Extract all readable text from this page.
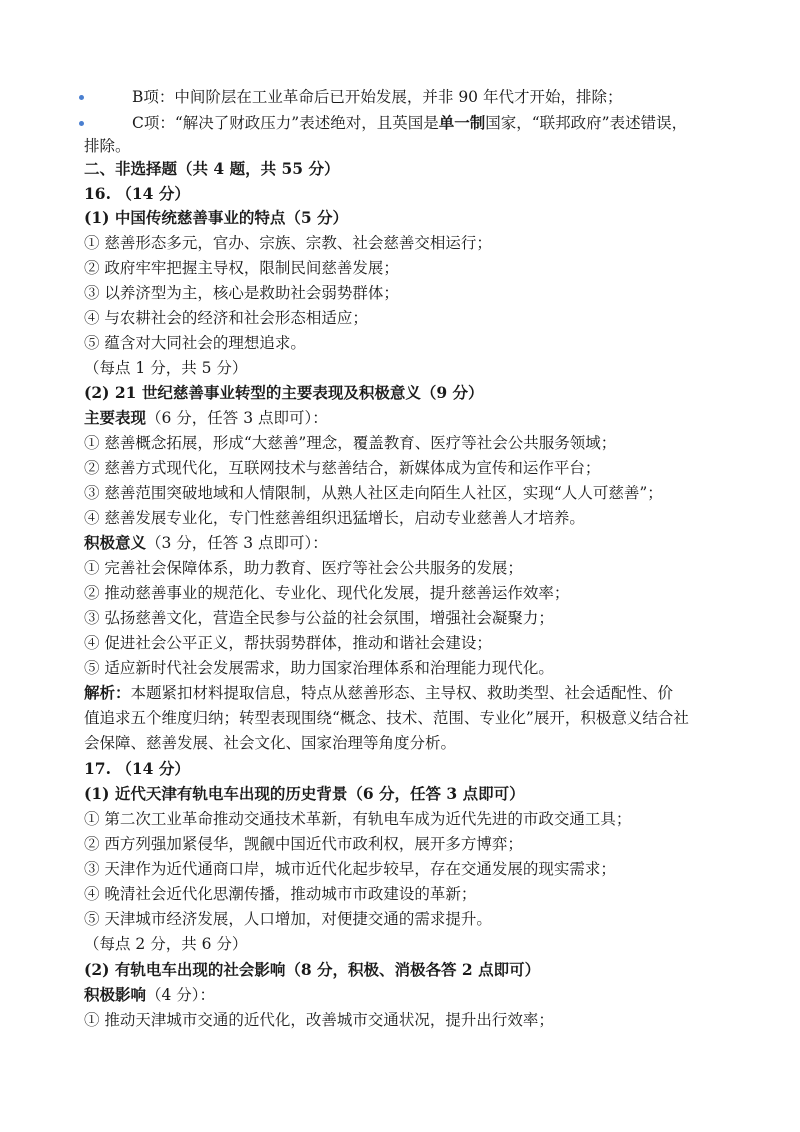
B项：中间阶层在工业革命后已开始发展，并非 90 年代才开始，排除；
C项：“解决了财政压力”表述绝对，且英国是单一制国家，“联邦政府”表述错误，
排除。
二、非选择题（共 4 题，共 55 分）
16. （14 分）
(1) 中国传统慈善事业的特点（5 分）
① 慈善形态多元，官办、宗族、宗教、社会慈善交相运行；
② 政府牢牢把握主导权，限制民间慈善发展；
③ 以养济型为主，核心是救助社会弱势群体；
④ 与农耕社会的经济和社会形态相适应；
⑤ 蕴含对大同社会的理想追求。
（每点 1 分，共 5 分）
(2) 21 世纪慈善事业转型的主要表现及积极意义（9 分）
主要表现（6 分，任答 3 点即可）：
① 慈善概念拓展，形成“大慈善”理念，覆盖教育、医疗等社会公共服务领域；
② 慈善方式现代化，互联网技术与慈善结合，新媒体成为宣传和运作平台；
③ 慈善范围突破地域和人情限制，从熟人社区走向陌生人社区，实现“人人可慈善”；
④ 慈善发展专业化，专门性慈善组织迅猛增长，启动专业慈善人才培养。
积极意义（3 分，任答 3 点即可）：
① 完善社会保障体系，助力教育、医疗等社会公共服务的发展；
② 推动慈善事业的规范化、专业化、现代化发展，提升慈善运作效率；
③ 弘扬慈善文化，营造全民参与公益的社会氛围，增强社会凝聚力；
④ 促进社会公平正义，帮扶弱势群体，推动和谐社会建设；
⑤ 适应新时代社会发展需求，助力国家治理体系和治理能力现代化。
解析：本题紧扣材料提取信息，特点从慈善形态、主导权、救助类型、社会适配性、价
值追求五个维度归纳；转型表现围绕“概念、技术、范围、专业化”展开，积极意义结合社
会保障、慈善发展、社会文化、国家治理等角度分析。
17. （14 分）
(1) 近代天津有轨电车出现的历史背景（6 分，任答 3 点即可）
① 第二次工业革命推动交通技术革新，有轨电车成为近代先进的市政交通工具；
② 西方列强加紧侵华，觊觎中国近代市政利权，展开多方博弈；
③ 天津作为近代通商口岸，城市近代化起步较早，存在交通发展的现实需求；
④ 晚清社会近代化思潮传播，推动城市市政建设的革新；
⑤ 天津城市经济发展，人口增加，对便捷交通的需求提升。
（每点 2 分，共 6 分）
(2) 有轨电车出现的社会影响（8 分，积极、消极各答 2 点即可）
积极影响（4 分）：
① 推动天津城市交通的近代化，改善城市交通状况，提升出行效率；
